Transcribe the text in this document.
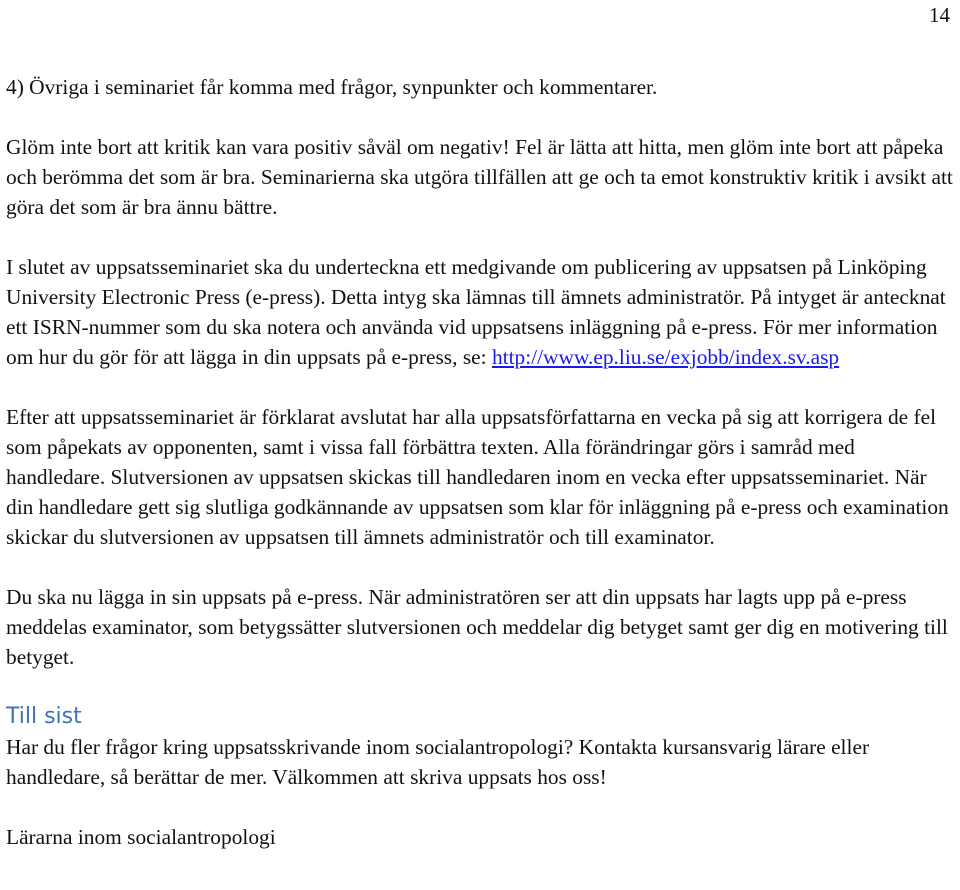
14

4) Övriga i seminariet får komma med frågor, synpunkter och kommentarer.

Glöm inte bort att kritik kan vara positiv såväl om negativ! Fel är lätta att hitta, men glöm inte bort att påpeka och berömma det som är bra. Seminarierna ska utgöra tillfällen att ge och ta emot konstruktiv kritik i avsikt att göra det som är bra ännu bättre.

I slutet av uppsatsseminariet ska du underteckna ett medgivande om publicering av uppsatsen på Linköping University Electronic Press (e-press). Detta intyg ska lämnas till ämnets administratör. På intyget är antecknat ett ISRN-nummer som du ska notera och använda vid uppsatsens inläggning på e-press. För mer information om hur du gör för att lägga in din uppsats på e-press, se: http://www.ep.liu.se/exjobb/index.sv.asp

Efter att uppsatsseminariet är förklarat avslutat har alla uppsatsförfattarna en vecka på sig att korrigera de fel som påpekats av opponenten, samt i vissa fall förbättra texten. Alla förändringar görs i samråd med handledare. Slutversionen av uppsatsen skickas till handledaren inom en vecka efter uppsatsseminariet. När din handledare gett sig slutliga godkännande av uppsatsen som klar för inläggning på e-press och examination skickar du slutversionen av uppsatsen till ämnets administratör och till examinator.

Du ska nu lägga in sin uppsats på e-press. När administratören ser att din uppsats har lagts upp på e-press meddelas examinator, som betygssätter slutversionen och meddelar dig betyget samt ger dig en motivering till betyget.

Till sist

Har du fler frågor kring uppsatsskrivande inom socialantropologi? Kontakta kursansvarig lärare eller handledare, så berättar de mer. Välkommen att skriva uppsats hos oss!

Lärarna inom socialantropologi
